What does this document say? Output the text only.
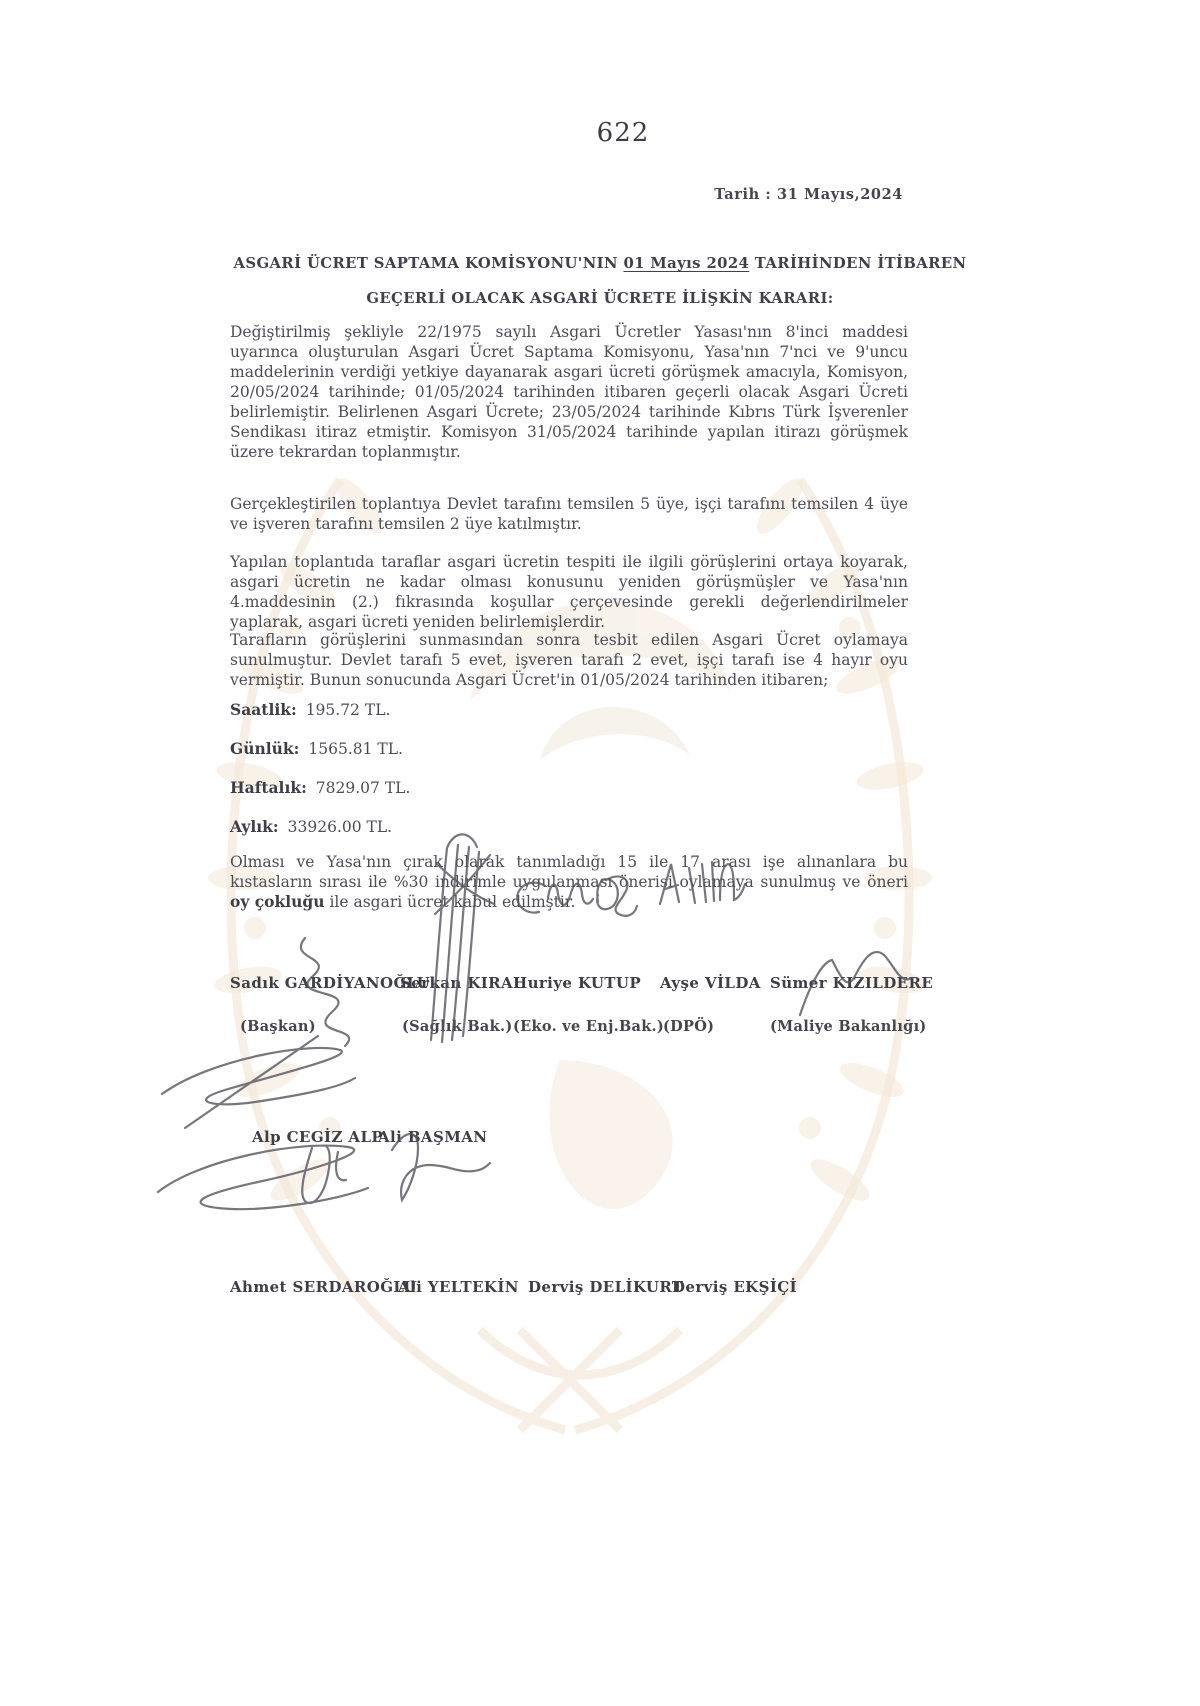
622
Tarih : 31 Mayıs,2024
ASGARİ ÜCRET SAPTAMA KOMİSYONU'NIN 01 Mayıs 2024 TARİHİNDEN İTİBAREN
GEÇERLİ OLACAK ASGARİ ÜCRETE İLİŞKİN KARARI:

Değiştirilmiş şekliyle 22/1975 sayılı Asgari Ücretler Yasası'nın 8'inci maddesi uyarınca oluşturulan Asgari Ücret Saptama Komisyonu, Yasa'nın 7'nci ve 9'uncu maddelerinin verdiği yetkiye dayanarak asgari ücreti görüşmek amacıyla, Komisyon, 20/05/2024 tarihinde; 01/05/2024 tarihinden itibaren geçerli olacak Asgari Ücreti belirlemiştir. Belirlenen Asgari Ücrete; 23/05/2024 tarihinde Kıbrıs Türk İşverenler Sendikası itiraz etmiştir. Komisyon 31/05/2024 tarihinde yapılan itirazı görüşmek üzere tekrardan toplanmıştır.

Gerçekleştirilen toplantıya Devlet tarafını temsilen 5 üye, işçi tarafını temsilen 4 üye ve işveren tarafını temsilen 2 üye katılmıştır.

Yapılan toplantıda taraflar asgari ücretin tespiti ile ilgili görüşlerini ortaya koyarak, asgari ücretin ne kadar olması konusunu yeniden görüşmüşler ve Yasa'nın 4.maddesinin (2.) fıkrasında koşullar çerçevesinde gerekli değerlendirilmeler yaplarak, asgari ücreti yeniden belirlemişlerdir.

Tarafların görüşlerini sunmasından sonra tesbit edilen Asgari Ücret oylamaya sunulmuştur. Devlet tarafı 5 evet, işveren tarafı 2 evet, işçi tarafı ise 4 hayır oyu vermiştir. Bunun sonucunda Asgari Ücret'in 01/05/2024 tarihinden itibaren;

Saatlik: 195.72 TL.
Günlük: 1565.81 TL.
Haftalık: 7829.07 TL.
Aylık: 33926.00 TL.

Olması ve Yasa'nın çırak olarak tanımladığı 15 ile 17 arası işe alınanlara bu kıstasların sırası ile %30 indirimle uygulanması önerisi oylamaya sunulmuş ve öneri oy çokluğu ile asgari ücret kabul edilmştir.

Sadık GARDİYANOĞLU
Serkan KIRAL
Huriye KUTUP Ayşe VİLDA Sümer KIZILDERE
(Başkan)	(Sağlık Bak.) (Eko. ve Enj.Bak.)
(DPÖ)	(Maliye Bakanlığı)
Alp CEGİZ ALP
Ali BAŞMAN
Ahmet SERDAROĞLU
Ali YELTEKİN Derviş DELİKURT
Derviş EKŞİÇİ
